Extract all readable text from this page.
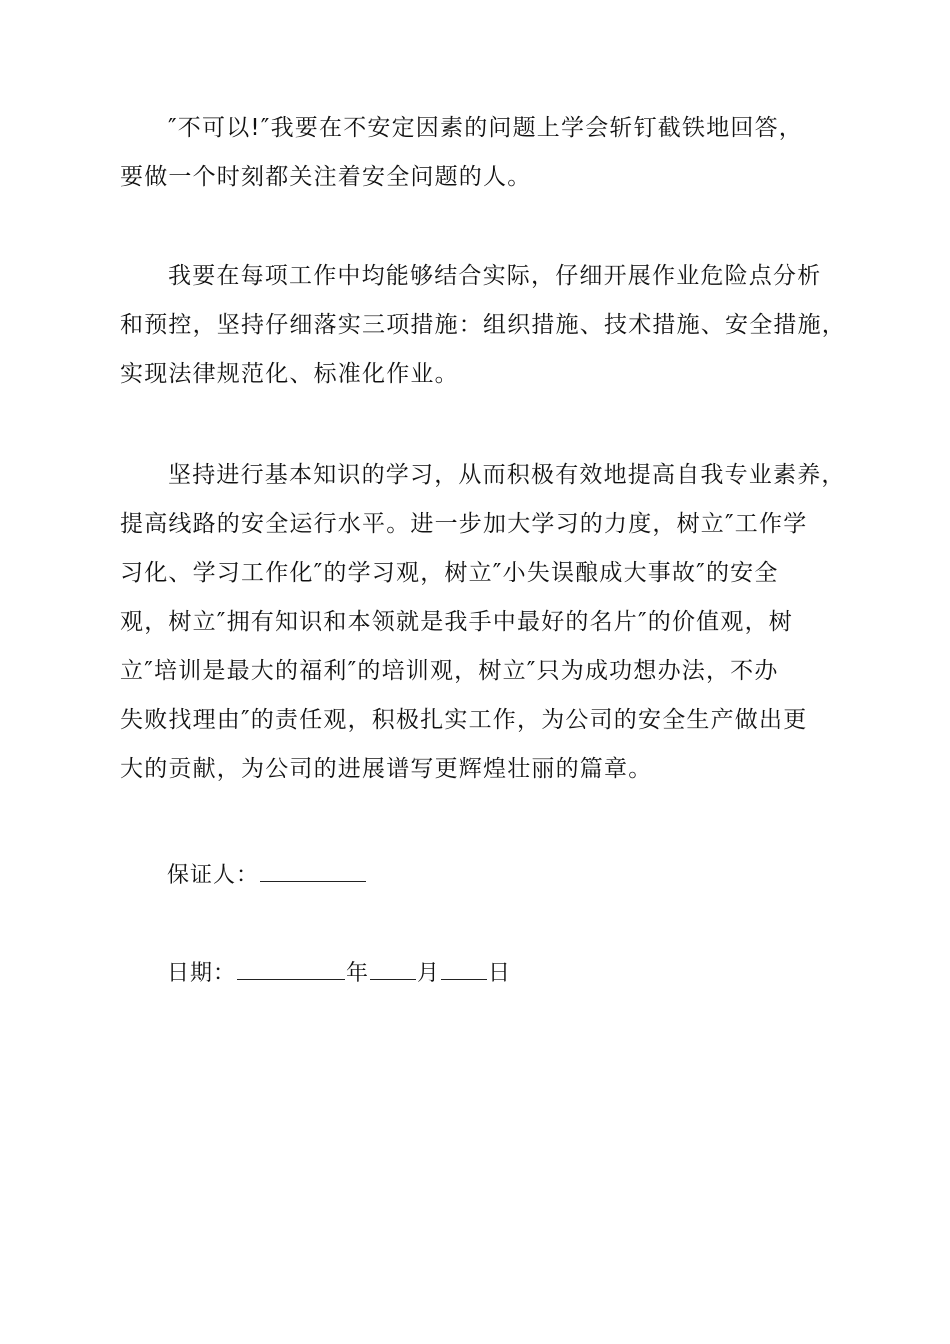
″不可以!″我要在不安定因素的问题上学会斩钉截铁地回答，
要做一个时刻都关注着安全问题的人。
我要在每项工作中均能够结合实际，仔细开展作业危险点分析
和预控，坚持仔细落实三项措施：组织措施、技术措施、安全措施，
实现法律规范化、标准化作业。
坚持进行基本知识的学习，从而积极有效地提高自我专业素养，
提高线路的安全运行水平。进一步加大学习的力度，树立″工作学
习化、学习工作化″的学习观，树立″小失误酿成大事故″的安全
观，树立″拥有知识和本领就是我手中最好的名片″的价值观，树
立″培训是最大的福利″的培训观，树立″只为成功想办法，不办
失败找理由″的责任观，积极扎实工作，为公司的安全生产做出更
大的贡献，为公司的进展谱写更辉煌壮丽的篇章。
保证人：
日期：	年 月 日
